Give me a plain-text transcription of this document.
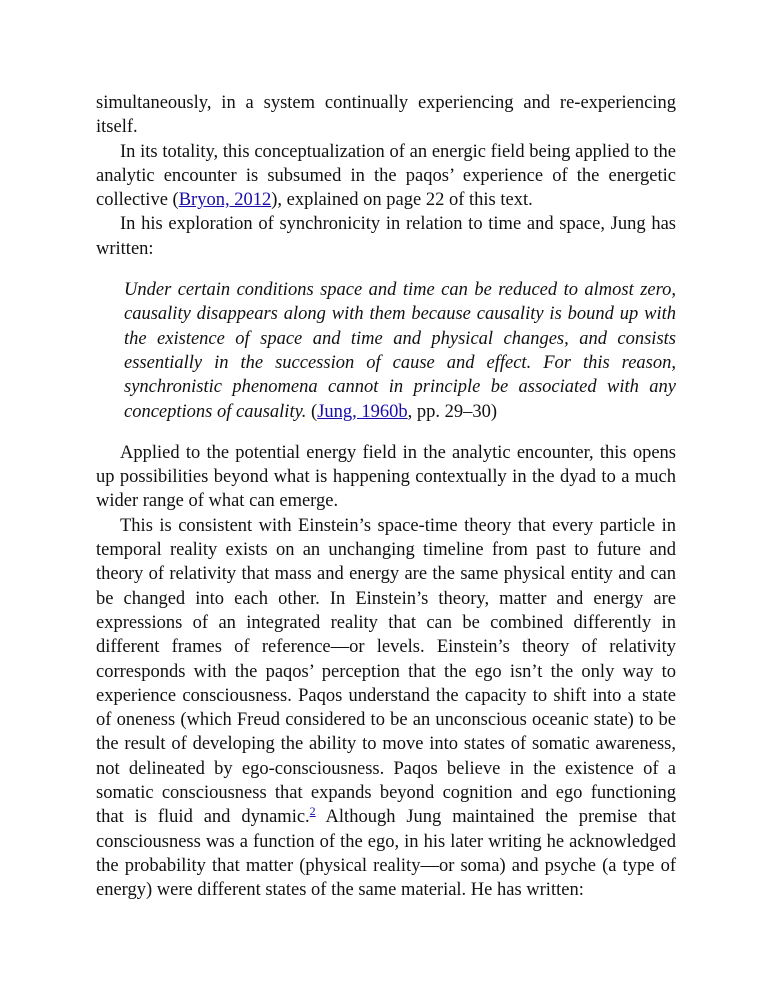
simultaneously, in a system continually experiencing and re-experiencing itself.

In its totality, this conceptualization of an energic field being applied to the analytic encounter is subsumed in the paqos’ experience of the energetic collective (Bryon, 2012), explained on page 22 of this text.

In his exploration of synchronicity in relation to time and space, Jung has written:

Under certain conditions space and time can be reduced to almost zero, causality disappears along with them because causality is bound up with the existence of space and time and physical changes, and consists essentially in the succession of cause and effect. For this reason, synchronistic phenomena cannot in principle be associated with any conceptions of causality. (Jung, 1960b, pp. 29–30)

Applied to the potential energy field in the analytic encounter, this opens up possibilities beyond what is happening contextually in the dyad to a much wider range of what can emerge.

This is consistent with Einstein’s space-time theory that every particle in temporal reality exists on an unchanging timeline from past to future and theory of relativity that mass and energy are the same physical entity and can be changed into each other. In Einstein’s theory, matter and energy are expressions of an integrated reality that can be combined differently in different frames of reference—or levels. Einstein’s theory of relativity corresponds with the paqos’ perception that the ego isn’t the only way to experience consciousness. Paqos understand the capacity to shift into a state of oneness (which Freud considered to be an unconscious oceanic state) to be the result of developing the ability to move into states of somatic awareness, not delineated by ego-consciousness. Paqos believe in the existence of a somatic consciousness that expands beyond cognition and ego functioning that is fluid and dynamic.$^2$ Although Jung maintained the premise that consciousness was a function of the ego, in his later writing he acknowledged the probability that matter (physical reality—or soma) and psyche (a type of energy) were different states of the same material. He has written:
